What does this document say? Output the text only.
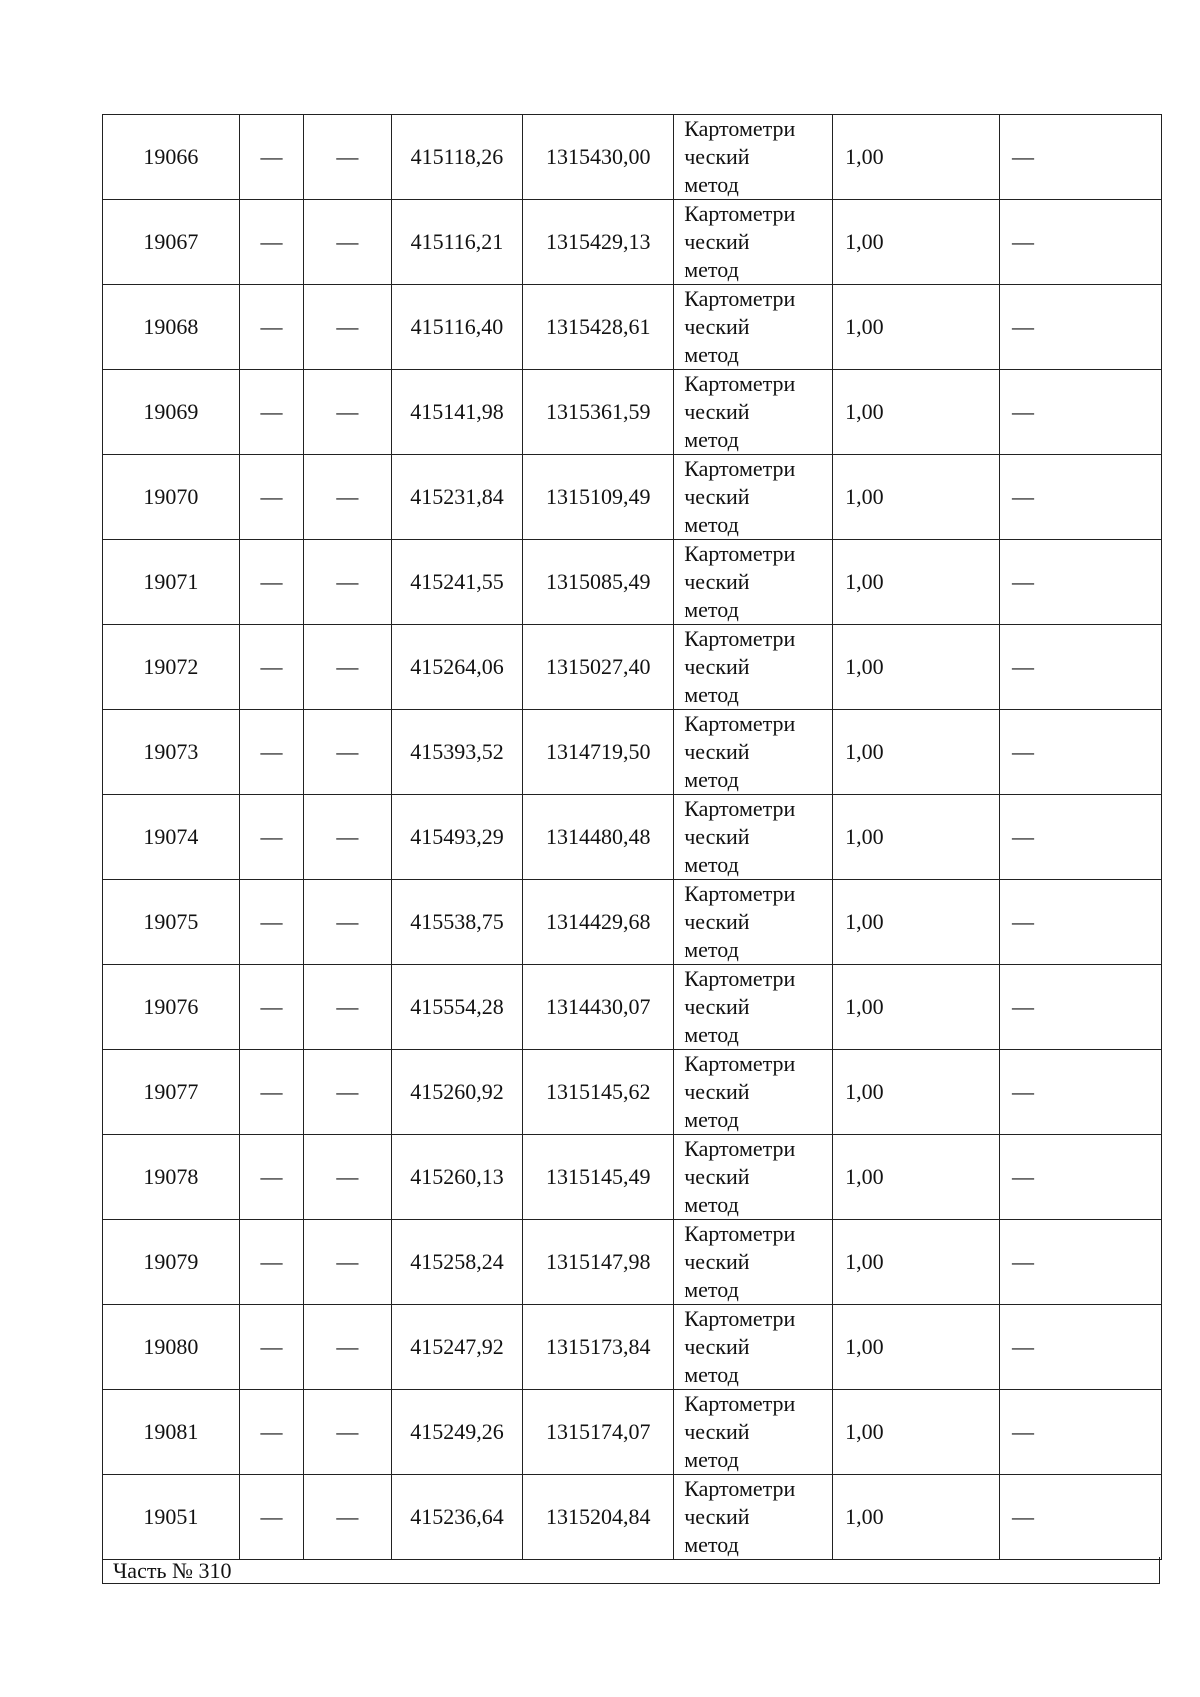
19066	—	—	415118,26	1315430,00	Картометри
ческий
метод	1,00	—
19067	—	—	415116,21	1315429,13	Картометри
ческий
метод	1,00	—
19068	—	—	415116,40	1315428,61	Картометри
ческий
метод	1,00	—
19069	—	—	415141,98	1315361,59	Картометри
ческий
метод	1,00	—
19070	—	—	415231,84	1315109,49	Картометри
ческий
метод	1,00	—
19071	—	—	415241,55	1315085,49	Картометри
ческий
метод	1,00	—
19072	—	—	415264,06	1315027,40	Картометри
ческий
метод	1,00	—
19073	—	—	415393,52	1314719,50	Картометри
ческий
метод	1,00	—
19074	—	—	415493,29	1314480,48	Картометри
ческий
метод	1,00	—
19075	—	—	415538,75	1314429,68	Картометри
ческий
метод	1,00	—
19076	—	—	415554,28	1314430,07	Картометри
ческий
метод	1,00	—
19077	—	—	415260,92	1315145,62	Картометри
ческий
метод	1,00	—
19078	—	—	415260,13	1315145,49	Картометри
ческий
метод	1,00	—
19079	—	—	415258,24	1315147,98	Картометри
ческий
метод	1,00	—
19080	—	—	415247,92	1315173,84	Картометри
ческий
метод	1,00	—
19081	—	—	415249,26	1315174,07	Картометри
ческий
метод	1,00	—
19051	—	—	415236,64	1315204,84	Картометри
ческий
метод	1,00	—
Часть № 310
